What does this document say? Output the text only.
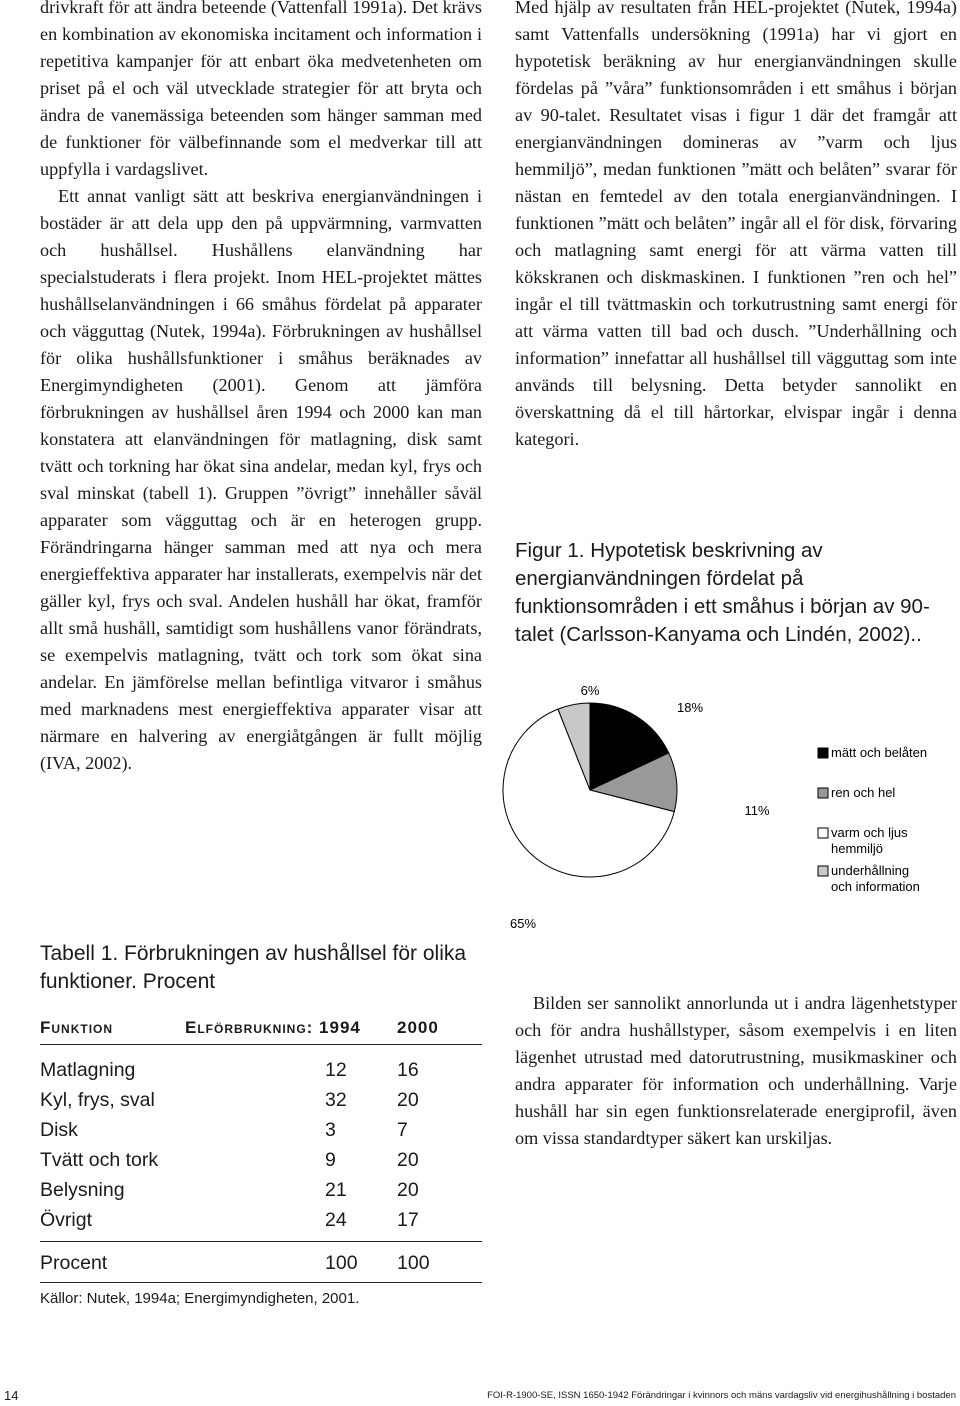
drivkraft för att ändra beteende (Vattenfall 1991a). Det krävs en kombination av ekonomiska incitament och information i repetitiva kampanjer för att enbart öka medvetenheten om priset på el och väl utvecklade strategier för att bryta och ändra de vanemässiga beteenden som hänger samman med de funktioner för välbefinnande som el medverkar till att uppfylla i vardagslivet.

Ett annat vanligt sätt att beskriva energianvändningen i bostäder är att dela upp den på uppvärmning, varmvatten och hushållsel. Hushållens elanvändning har specialstuderats i flera projekt. Inom HEL-projektet mättes hushållselanvändningen i 66 småhus fördelat på apparater och vägguttag (Nutek, 1994a). Förbrukningen av hushållsel för olika hushållsfunktioner i småhus beräknades av Energimyndigheten (2001). Genom att jämföra förbrukningen av hushållsel åren 1994 och 2000 kan man konstatera att elanvändningen för matlagning, disk samt tvätt och torkning har ökat sina andelar, medan kyl, frys och sval minskat (tabell 1). Gruppen ”övrigt” innehåller såväl apparater som vägguttag och är en heterogen grupp. Förändringarna hänger samman med att nya och mera energieffektiva apparater har installerats, exempelvis när det gäller kyl, frys och sval. Andelen hushåll har ökat, framför allt små hushåll, samtidigt som hushållens vanor förändrats, se exempelvis matlagning, tvätt och tork som ökat sina andelar. En jämförelse mellan befintliga vitvaror i småhus med marknadens mest energieffektiva apparater visar att närmare en halvering av energiåtgången är fullt möjlig (IVA, 2002).

Med hjälp av resultaten från HEL-projektet (Nutek, 1994a) samt Vattenfalls undersökning (1991a) har vi gjort en hypotetisk beräkning av hur energianvändningen skulle fördelas på ”våra” funktionsområden i ett småhus i början av 90-talet. Resultatet visas i figur 1 där det framgår att energianvändningen domineras av ”varm och ljus hemmiljö”, medan funktionen ”mätt och belåten” svarar för nästan en femtedel av den totala energianvändningen. I funktionen ”mätt och belåten” ingår all el för disk, förvaring och matlagning samt energi för att värma vatten till kökskranen och diskmaskinen. I funktionen ”ren och hel” ingår el till tvättmaskin och torkutrustning samt energi för att värma vatten till bad och dusch. ”Underhållning och information” innefattar all hushållsel till vägguttag som inte används till belysning. Detta betyder sannolikt en överskattning då el till hårtorkar, elvispar ingår i denna kategori.

Figur 1. Hypotetisk beskrivning av energianvändningen fördelat på funktionsområden i ett småhus i början av 90-talet (Carlsson-Kanyama och Lindén, 2002)..
18%
11%
65%
6%
mätt och belåten
ren och hel
varm och ljus hemmiljö
underhållning och information

Bilden ser sannolikt annorlunda ut i andra lägenhetstyper och för andra hushållstyper, såsom exempelvis i en liten lägenhet utrustad med datorutrustning, musikmaskiner och andra apparater för information och underhållning. Varje hushåll har sin egen funktionsrelaterade energiprofil, även om vissa standardtyper säkert kan urskiljas.

Tabell 1. Förbrukningen av hushållsel för olika funktioner. Procent
Funktion	Elförbrukning: 1994	2000
Matlagning	12	16
Kyl, frys, sval	32	20
Disk	3	7
Tvätt och tork	9	20
Belysning	21	20
Övrigt	24	17
Procent	100	100
Källor: Nutek, 1994a; Energimyndigheten, 2001.
14	FOI-R-1900-SE, ISSN 1650-1942 Förändringar i kvinnors och mäns vardagsliv vid energihushållning i bostaden
